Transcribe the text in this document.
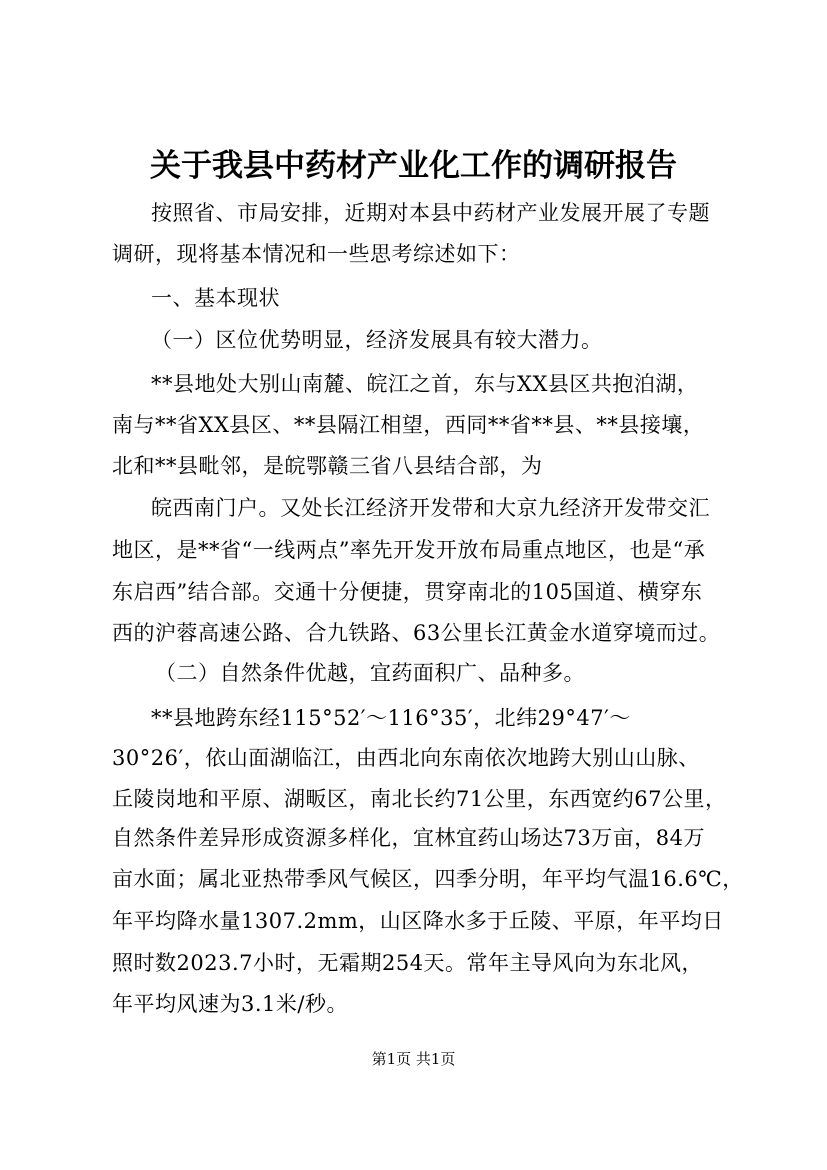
关于我县中药材产业化工作的调研报告
按照省、市局安排，近期对本县中药材产业发展开展了专题
调研，现将基本情况和一些思考综述如下：
一、基本现状
（一）区位优势明显，经济发展具有较大潜力。
**县地处大别山南麓、皖江之首，东与XX县区共抱泊湖，
南与**省XX县区、**县隔江相望，西同**省**县、**县接壤，
北和**县毗邻，是皖鄂赣三省八县结合部，为
皖西南门户。又处长江经济开发带和大京九经济开发带交汇
地区，是**省“一线两点”率先开发开放布局重点地区，也是“承
东启西”结合部。交通十分便捷，贯穿南北的105国道、横穿东
西的沪蓉高速公路、合九铁路、63公里长江黄金水道穿境而过。
（二）自然条件优越，宜药面积广、品种多。
**县地跨东经115°52′～116°35′，北纬29°47′～
30°26′，依山面湖临江，由西北向东南依次地跨大别山山脉、
丘陵岗地和平原、湖畈区，南北长约71公里，东西宽约67公里，
自然条件差异形成资源多样化，宜林宜药山场达73万亩，84万
亩水面；属北亚热带季风气候区，四季分明，年平均气温16.6℃，
年平均降水量1307.2mm，山区降水多于丘陵、平原，年平均日
照时数2023.7小时，无霜期254天。常年主导风向为东北风，
年平均风速为3.1米/秒。
第1页 共1页
